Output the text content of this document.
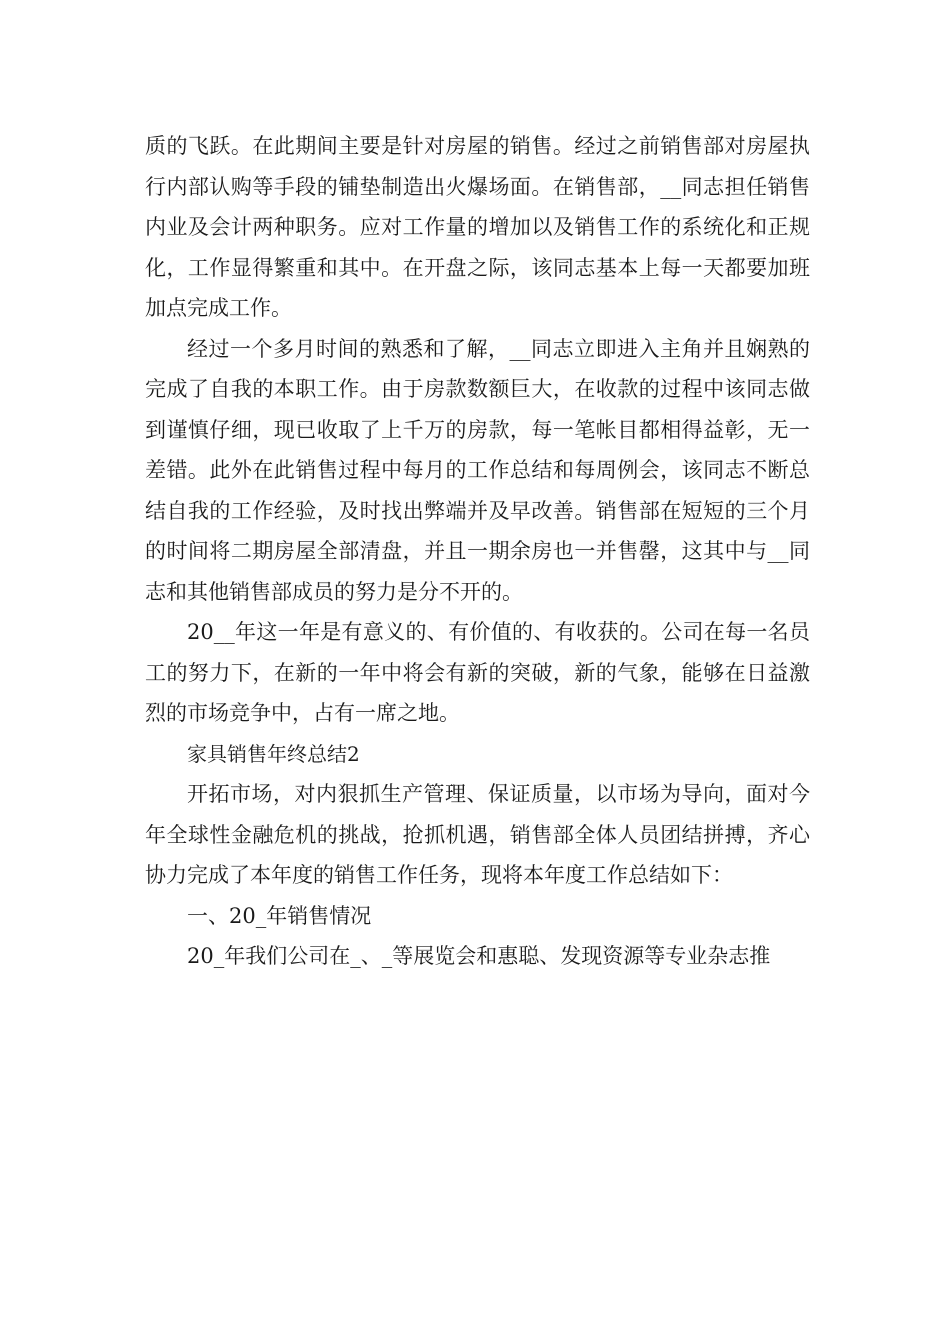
质的飞跃。在此期间主要是针对房屋的销售。经过之前销售部对房屋执行内部认购等手段的铺垫制造出火爆场面。在销售部，__同志担任销售内业及会计两种职务。应对工作量的增加以及销售工作的系统化和正规化，工作显得繁重和其中。在开盘之际，该同志基本上每一天都要加班加点完成工作。

经过一个多月时间的熟悉和了解，__同志立即进入主角并且娴熟的完成了自我的本职工作。由于房款数额巨大，在收款的过程中该同志做到谨慎仔细，现已收取了上千万的房款，每一笔帐目都相得益彰，无一差错。此外在此销售过程中每月的工作总结和每周例会，该同志不断总结自我的工作经验，及时找出弊端并及早改善。销售部在短短的三个月的时间将二期房屋全部清盘，并且一期余房也一并售罄，这其中与__同志和其他销售部成员的努力是分不开的。

20__年这一年是有意义的、有价值的、有收获的。公司在每一名员工的努力下，在新的一年中将会有新的突破，新的气象，能够在日益激烈的市场竞争中，占有一席之地。

家具销售年终总结2

开拓市场，对内狠抓生产管理、保证质量，以市场为导向，面对今年全球性金融危机的挑战，抢抓机遇，销售部全体人员团结拼搏，齐心协力完成了本年度的销售工作任务，现将本年度工作总结如下：

一、20_年销售情况

20_年我们公司在_、_等展览会和惠聪、发现资源等专业杂志推
